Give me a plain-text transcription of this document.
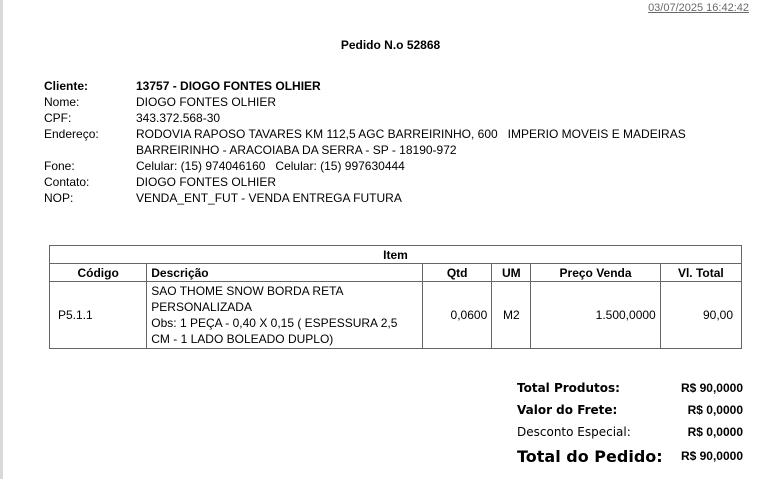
03/07/2025 16:42:42
Pedido N.o 52868
Cliente:	13757 - DIOGO FONTES OLHIER
Nome:	DIOGO FONTES OLHIER
CPF:	343.372.568-30
Endereço:	RODOVIA RAPOSO TAVARES KM 112,5 AGC BARREIRINHO, 600   IMPERIO MOVEIS E MADEIRAS
BARREIRINHO - ARACOIABA DA SERRA - SP - 18190-972
Fone:	Celular: (15) 974046160   Celular: (15) 997630444
Contato:	DIOGO FONTES OLHIER
NOP:	VENDA_ENT_FUT - VENDA ENTREGA FUTURA
Item					
Código	Descrição	Qtd	UM	Preço Venda	Vl. Total
P5.1.1	SAO THOME SNOW BORDA RETA
PERSONALIZADA
Obs: 1 PEÇA - 0,40 X 0,15 ( ESPESSURA 2,5
CM - 1 LADO BOLEADO DUPLO)	0,0600	M2	1.500,0000	90,00
Total Produtos:	R$ 90,0000
Valor do Frete:	R$ 0,0000
Desconto Especial:	R$ 0,0000
Total do Pedido: R$ 90,0000
